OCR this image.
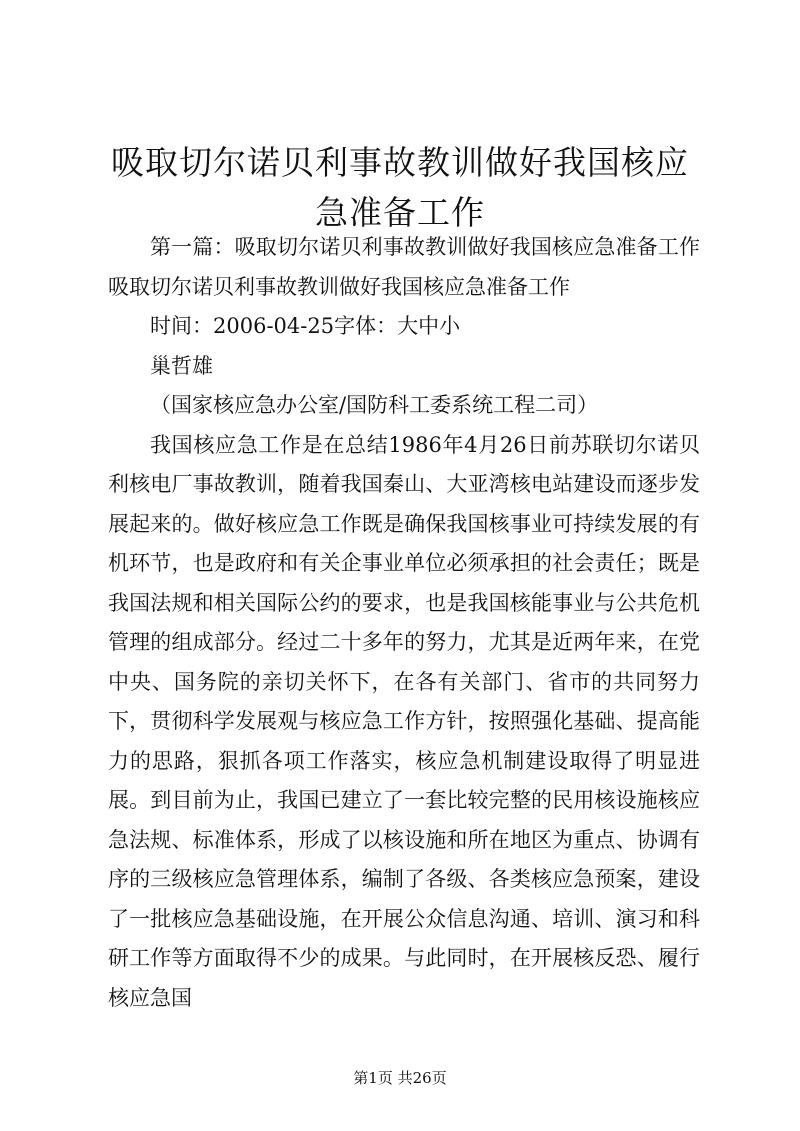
吸取切尔诺贝利事故教训做好我国核应急准备工作

第一篇：吸取切尔诺贝利事故教训做好我国核应急准备工作吸取切尔诺贝利事故教训做好我国核应急准备工作

时间：2006-04-25字体：大中小

巢哲雄

（国家核应急办公室/国防科工委系统工程二司）

我国核应急工作是在总结1986年4月26日前苏联切尔诺贝利核电厂事故教训，随着我国秦山、大亚湾核电站建设而逐步发展起来的。做好核应急工作既是确保我国核事业可持续发展的有机环节，也是政府和有关企事业单位必须承担的社会责任；既是我国法规和相关国际公约的要求，也是我国核能事业与公共危机管理的组成部分。经过二十多年的努力，尤其是近两年来，在党中央、国务院的亲切关怀下，在各有关部门、省市的共同努力下，贯彻科学发展观与核应急工作方针，按照强化基础、提高能力的思路，狠抓各项工作落实，核应急机制建设取得了明显进展。到目前为止，我国已建立了一套比较完整的民用核设施核应急法规、标准体系，形成了以核设施和所在地区为重点、协调有序的三级核应急管理体系，编制了各级、各类核应急预案，建设了一批核应急基础设施，在开展公众信息沟通、培训、演习和科研工作等方面取得不少的成果。与此同时，在开展核反恐、履行核应急国

第1页 共26页
